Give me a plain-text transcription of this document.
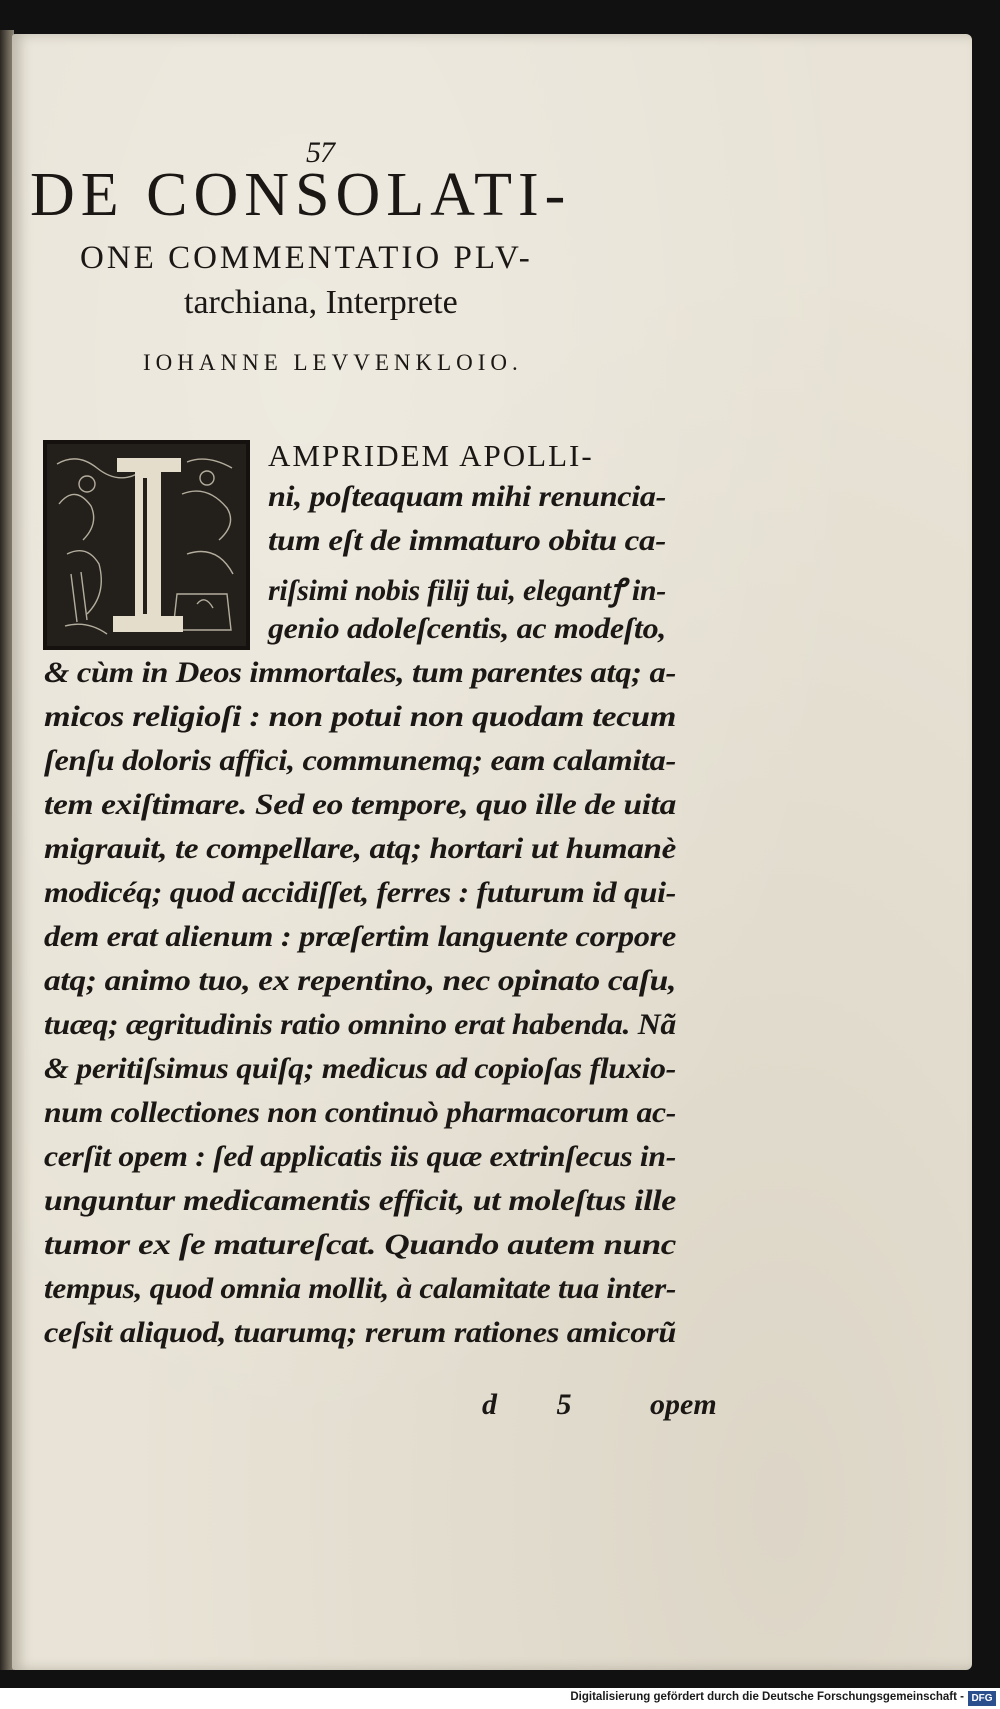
57
DE CONSOLATI-
ONE COMMENTATIO PLV-
tarchiana, Interprete
IOHANNE LEVVENKLOIO.
AMPRIDEM APOLLI-
ni, poſteaquam mihi renuncia-
tum eſt de immaturo obitu ca-
riſsimi nobis filij tui, elegantꝭ in-
genio adoleſcentis, ac modeſto,
& cùm in Deos immortales, tum parentes atq; a-
micos religioſi : non potui non quodam tecum
ſenſu doloris affici, communemq; eam calamita-
tem exiſtimare. Sed eo tempore, quo ille de uita
migrauit, te compellare, atq; hortari ut humanè
modicéq; quod accidiſſet, ferres : futurum id qui-
dem erat alienum : præſertim languente corpore
atq; animo tuo, ex repentino, nec opinato caſu,
tuæq; ægritudinis ratio omnino erat habenda. Nã
& peritiſsimus quiſq; medicus ad copioſas fluxio-
num collectiones non continuò pharmacorum ac-
cerſit opem : ſed applicatis iis quæ extrinſecus in-
unguntur medicamentis efficit, ut moleſtus ille
tumor ex ſe matureſcat. Quando autem nunc
tempus, quod omnia mollit, à calamitate tua inter-
ceſsit aliquod, tuarumq; rerum rationes amicorũ
d 5 opem
Digitalisierung gefördert durch die Deutsche Forschungsgemeinschaft - DFG
